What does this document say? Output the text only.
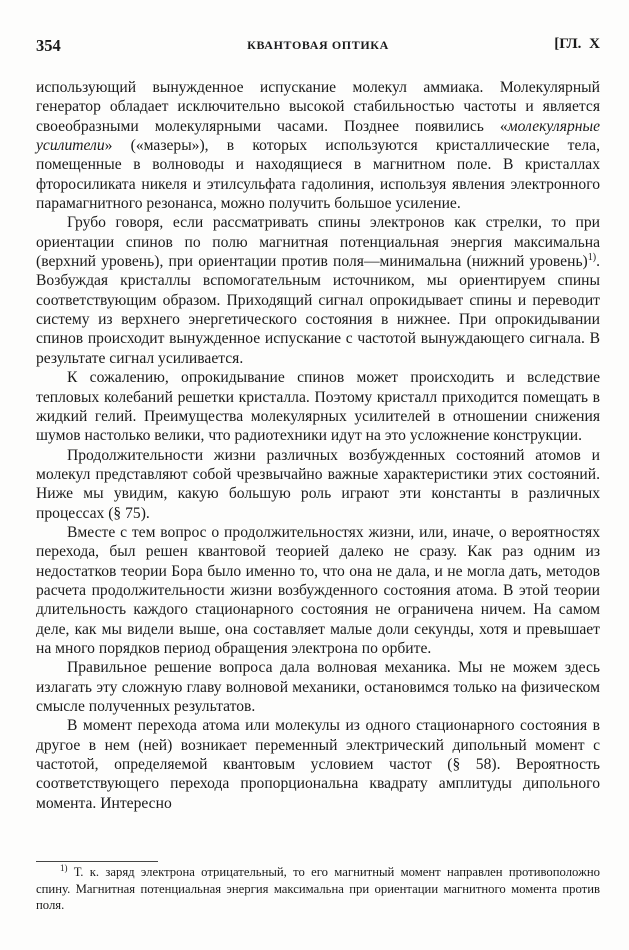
354	КВАНТОВАЯ ОПТИКА	[ГЛ. X

использующий вынужденное испускание молекул аммиака. Молекулярный генератор обладает исключительно высокой стабильностью частоты и является своеобразными молекулярными часами. Позднее появились «молекулярные усилители» («мазеры»), в которых используются кристаллические тела, помещенные в волноводы и находящиеся в магнитном поле. В кристаллах фторосиликата никеля и этилсульфата гадолиния, используя явления электронного парамагнитного резонанса, можно получить большое усиление.

Грубо говоря, если рассматривать спины электронов как стрелки, то при ориентации спинов по полю магнитная потенциальная энергия максимальна (верхний уровень), при ориентации против поля—минимальна (нижний уровень)$^{1)}$. Возбуждая кристаллы вспомогательным источником, мы ориентируем спины соответствующим образом. Приходящий сигнал опрокидывает спины и переводит систему из верхнего энергетического состояния в нижнее. При опрокидывании спинов происходит вынужденное испускание с частотой вынуждающего сигнала. В результате сигнал усиливается.

К сожалению, опрокидывание спинов может происходить и вследствие тепловых колебаний решетки кристалла. Поэтому кристалл приходится помещать в жидкий гелий. Преимущества молекулярных усилителей в отношении снижения шумов настолько велики, что радиотехники идут на это усложнение конструкции.

Продолжительности жизни различных возбужденных состояний атомов и молекул представляют собой чрезвычайно важные характеристики этих состояний. Ниже мы увидим, какую большую роль играют эти константы в различных процессах (§ 75).

Вместе с тем вопрос о продолжительностях жизни, или, иначе, о вероятностях перехода, был решен квантовой теорией далеко не сразу. Как раз одним из недостатков теории Бора было именно то, что она не дала, и не могла дать, методов расчета продолжительности жизни возбужденного состояния атома. В этой теории длительность каждого стационарного состояния не ограничена ничем. На самом деле, как мы видели выше, она составляет малые доли секунды, хотя и превышает на много порядков период обращения электрона по орбите.

Правильное решение вопроса дала волновая механика. Мы не можем здесь излагать эту сложную главу волновой механики, остановимся только на физическом смысле полученных результатов.

В момент перехода атома или молекулы из одного стационарного состояния в другое в нем (ней) возникает переменный электрический дипольный момент с частотой, определяемой квантовым условием частот (§ 58). Вероятность соответствующего перехода пропорциональна квадрату амплитуды дипольного момента. Интересно

$^{1)}$ Т. к. заряд электрона отрицательный, то его магнитный момент направлен противоположно спину. Магнитная потенциальная энергия максимальна при ориентации магнитного момента против поля.
